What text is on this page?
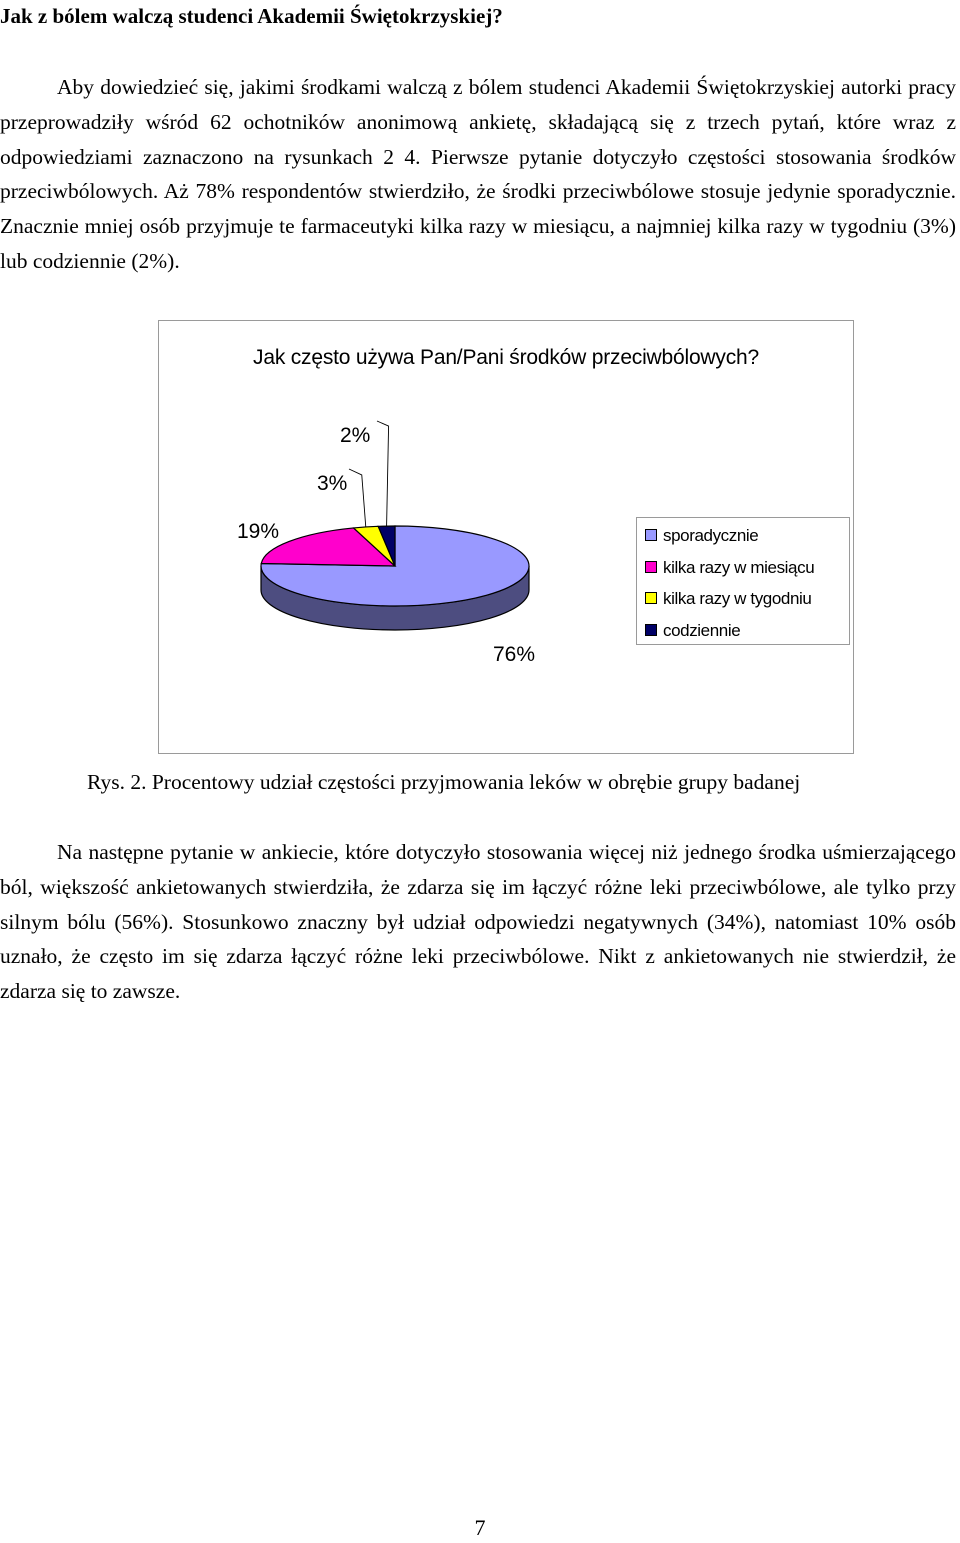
Jak z bólem walczą studenci Akademii Świętokrzyskiej?

Aby dowiedzieć się, jakimi środkami walczą z bólem studenci Akademii Świętokrzyskiej autorki pracy przeprowadziły wśród 62 ochotników anonimową ankietę, składającą się z trzech pytań, które wraz z odpowiedziami zaznaczono na rysunkach 2 4. Pierwsze pytanie dotyczyło częstości stosowania środków przeciwbólowych. Aż 78% respondentów stwierdziło, że środki przeciwbólowe stosuje jedynie sporadycznie. Znacznie mniej osób przyjmuje te farmaceutyki kilka razy w miesiącu, a najmniej kilka razy w tygodniu (3%) lub codziennie (2%).

Jak często używa Pan/Pani środków przeciwbólowych?
76%
19%
3%
2%
sporadycznie
kilka razy w miesiącu
kilka razy w tygodniu
codziennie

Rys. 2. Procentowy udział częstości przyjmowania leków w obrębie grupy badanej

Na następne pytanie w ankiecie, które dotyczyło stosowania więcej niż jednego środka uśmierzającego ból, większość ankietowanych stwierdziła, że zdarza się im łączyć różne leki przeciwbólowe, ale tylko przy silnym bólu (56%). Stosunkowo znaczny był udział odpowiedzi negatywnych (34%), natomiast 10% osób uznało, że często im się zdarza łączyć różne leki przeciwbólowe. Nikt z ankietowanych nie stwierdził, że zdarza się to zawsze.

7
